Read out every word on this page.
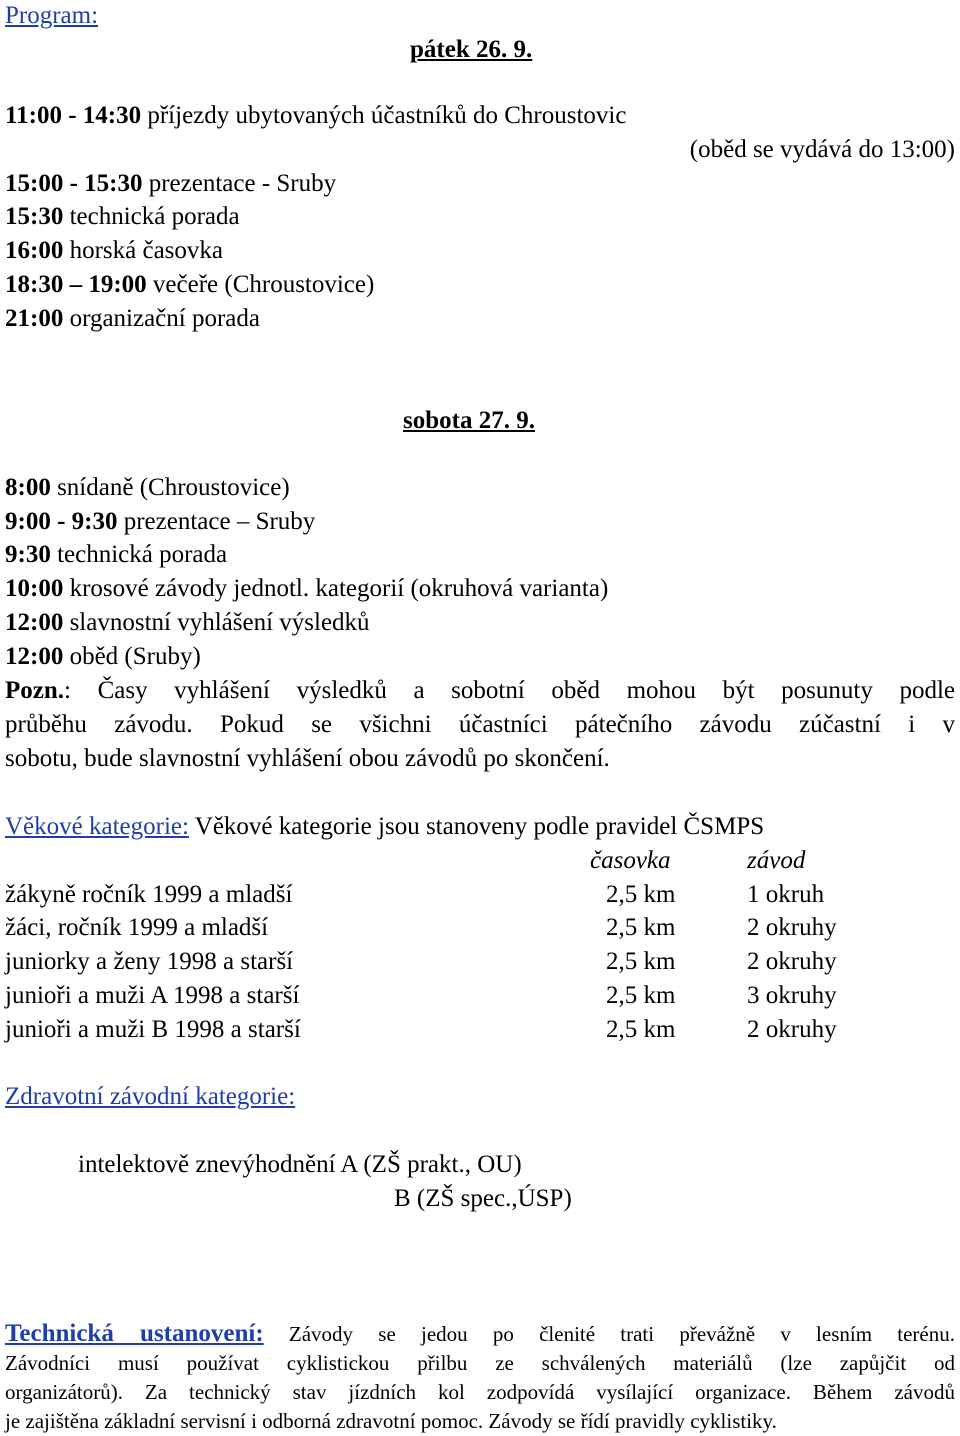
Program:
pátek 26. 9.
11:00 - 14:30 příjezdy ubytovaných účastníků do Chroustovic
(oběd se vydává do 13:00)
15:00 - 15:30 prezentace - Sruby
15:30 technická porada
16:00 horská časovka
18:30 – 19:00 večeře (Chroustovice)
21:00 organizační porada
sobota 27. 9.
8:00 snídaně (Chroustovice)
9:00 - 9:30 prezentace – Sruby
9:30 technická porada
10:00 krosové závody jednotl. kategorií (okruhová varianta)
12:00 slavnostní vyhlášení výsledků
12:00 oběd (Sruby)
Pozn.: Časy vyhlášení výsledků a sobotní oběd mohou být posunuty podle
průběhu závodu. Pokud se všichni účastníci pátečního závodu zúčastní i v
sobotu, bude slavnostní vyhlášení obou závodů po skončení.
Věkové kategorie: Věkové kategorie jsou stanoveny podle pravidel ČSMPS
časovka	závod
žákyně ročník 1999 a mladší	2,5 km	1 okruh
žáci, ročník 1999 a mladší	2,5 km	2 okruhy
juniorky a ženy 1998 a starší	2,5 km	2 okruhy
junioři a muži A 1998 a starší	2,5 km	3 okruhy
junioři a muži B 1998 a starší	2,5 km	2 okruhy
Zdravotní závodní kategorie:
intelektově znevýhodnění A (ZŠ prakt., OU)
B (ZŠ spec.,ÚSP)
Technická ustanovení: Závody se jedou po členité trati převážně v lesním terénu.
Závodníci musí používat cyklistickou přilbu ze schválených materiálů (lze zapůjčit od
organizátorů). Za technický stav jízdních kol zodpovídá vysílající organizace. Během závodů
je zajištěna základní servisní i odborná zdravotní pomoc. Závody se řídí pravidly cyklistiky.
